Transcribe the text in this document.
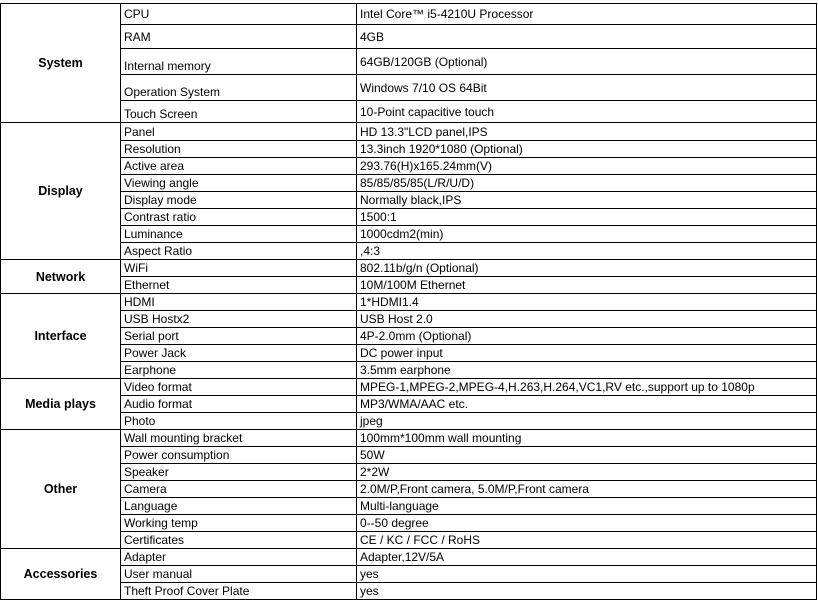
System	CPU	Intel Core™ i5-4210U Processor
	RAM	4GB
	Internal memory	64GB/120GB (Optional)
	Operation System	Windows 7/10 OS 64Bit
	Touch Screen	10-Point capacitive touch
Display	Panel	HD 13.3"LCD panel,IPS
	Resolution	13.3inch 1920*1080 (Optional)
	Active area	293.76(H)x165.24mm(V)
	Viewing angle	85/85/85/85(L/R/U/D)
	Display mode	Normally black,IPS
	Contrast ratio	1500:1
	Luminance	1000cdm2(min)
	Aspect Ratio	,4:3
Network	WiFi	802.11b/g/n (Optional)
	Ethernet	10M/100M Ethernet
Interface	HDMI	1*HDMI1.4
	USB Hostx2	USB Host 2.0
	Serial port	4P-2.0mm (Optional)
	Power Jack	DC power input
	Earphone	3.5mm earphone
Media plays	Video format	MPEG-1,MPEG-2,MPEG-4,H.263,H.264,VC1,RV etc.,support up to 1080p
	Audio format	MP3/WMA/AAC etc.
	Photo	jpeg
Other	Wall mounting bracket	100mm*100mm wall mounting
	Power consumption	50W
	Speaker	2*2W
	Camera	2.0M/P,Front camera, 5.0M/P,Front camera
	Language	Multi-language
	Working temp	0--50 degree
	Certificates	CE / KC / FCC / RoHS
Accessories	Adapter	Adapter,12V/5A
	User manual	yes
	Theft Proof Cover Plate	yes
